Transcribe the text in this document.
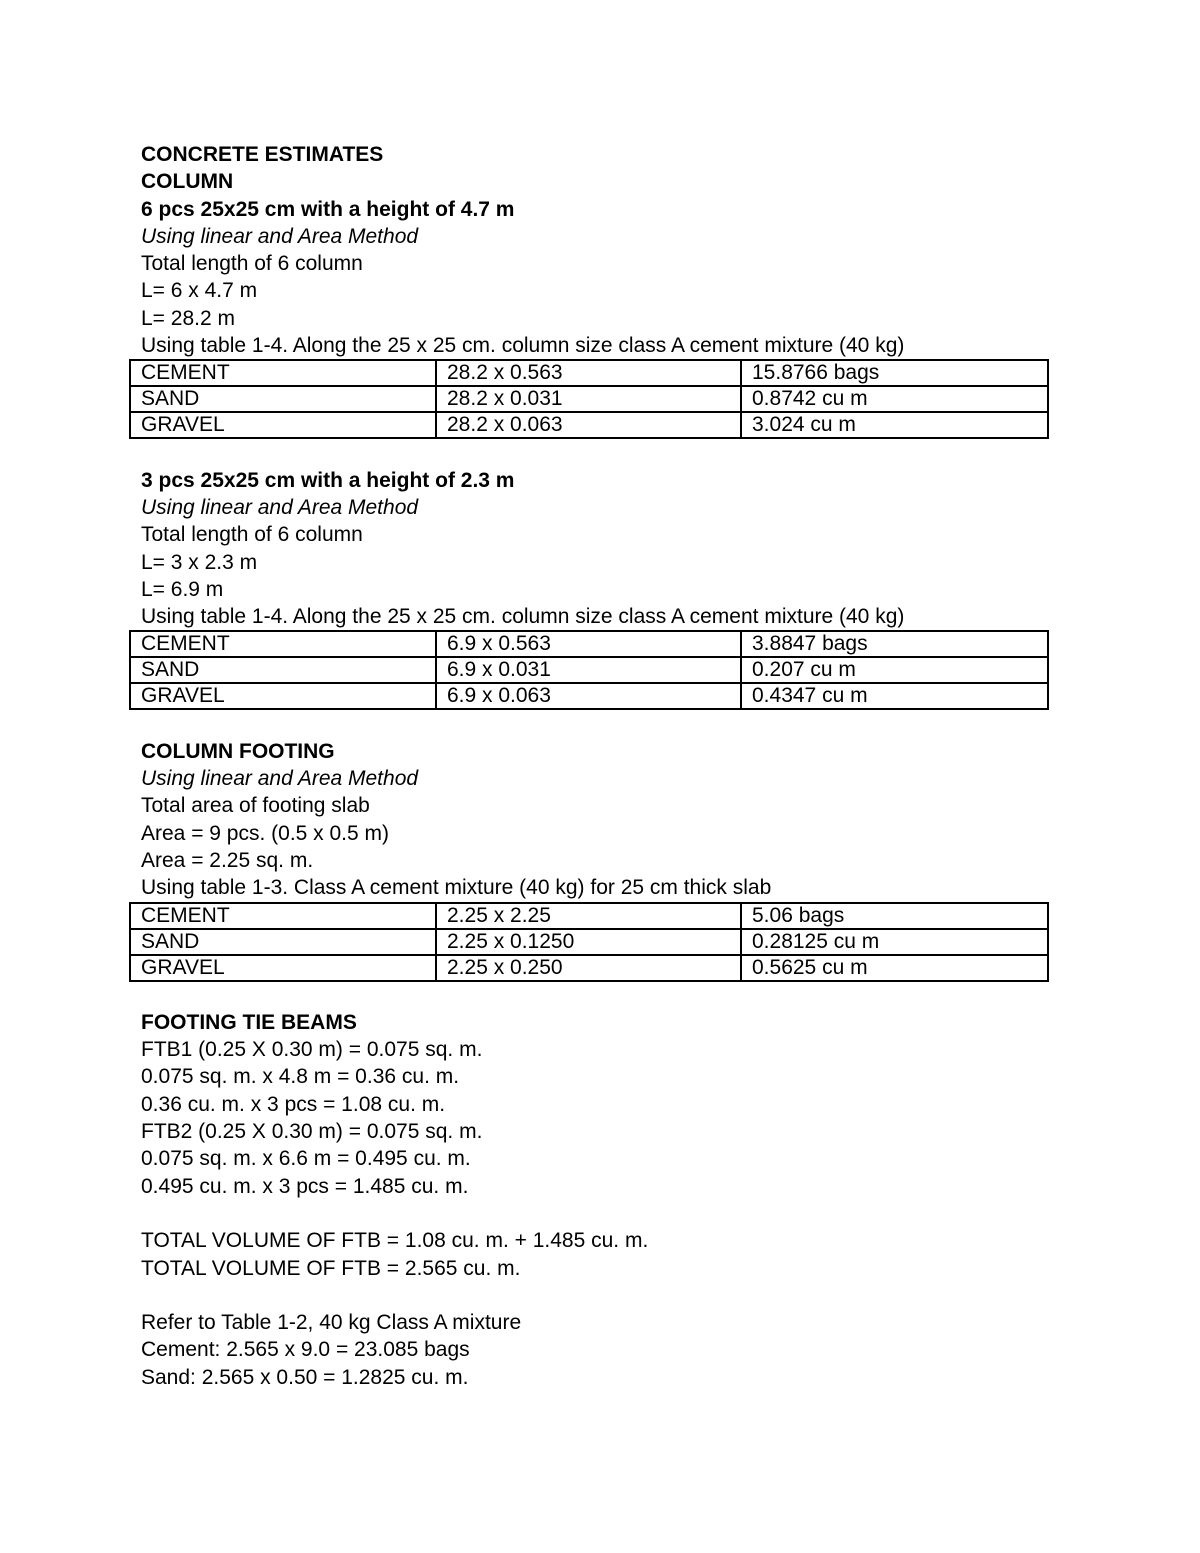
CONCRETE ESTIMATES
COLUMN
6 pcs 25x25 cm with a height of 4.7 m
Using linear and Area Method
Total length of 6 column
L= 6 x 4.7 m
L= 28.2 m
Using table 1-4. Along the 25 x 25 cm. column size class A cement mixture (40 kg)
CEMENT	28.2 x 0.563	15.8766 bags
SAND	28.2 x 0.031	0.8742 cu m
GRAVEL	28.2 x 0.063	3.024 cu m
3 pcs 25x25 cm with a height of 2.3 m
Using linear and Area Method
Total length of 6 column
L= 3 x 2.3 m
L= 6.9 m
Using table 1-4. Along the 25 x 25 cm. column size class A cement mixture (40 kg)
CEMENT	6.9 x 0.563	3.8847 bags
SAND	6.9 x 0.031	0.207 cu m
GRAVEL	6.9 x 0.063	0.4347 cu m
COLUMN FOOTING
Using linear and Area Method
Total area of footing slab
Area = 9 pcs. (0.5 x 0.5 m)
Area = 2.25 sq. m.
Using table 1-3. Class A cement mixture (40 kg) for 25 cm thick slab
CEMENT	2.25 x 2.25	5.06 bags
SAND	2.25 x 0.1250	0.28125 cu m
GRAVEL	2.25 x 0.250	0.5625 cu m
FOOTING TIE BEAMS
FTB1 (0.25 X 0.30 m) = 0.075 sq. m.
0.075 sq. m. x 4.8 m = 0.36 cu. m.
0.36 cu. m. x 3 pcs = 1.08 cu. m.
FTB2 (0.25 X 0.30 m) = 0.075 sq. m.
0.075 sq. m. x 6.6 m = 0.495 cu. m.
0.495 cu. m. x 3 pcs = 1.485 cu. m.
TOTAL VOLUME OF FTB = 1.08 cu. m. + 1.485 cu. m.
TOTAL VOLUME OF FTB = 2.565 cu. m.
Refer to Table 1-2, 40 kg Class A mixture
Cement: 2.565 x 9.0 = 23.085 bags
Sand: 2.565 x 0.50 = 1.2825 cu. m.
